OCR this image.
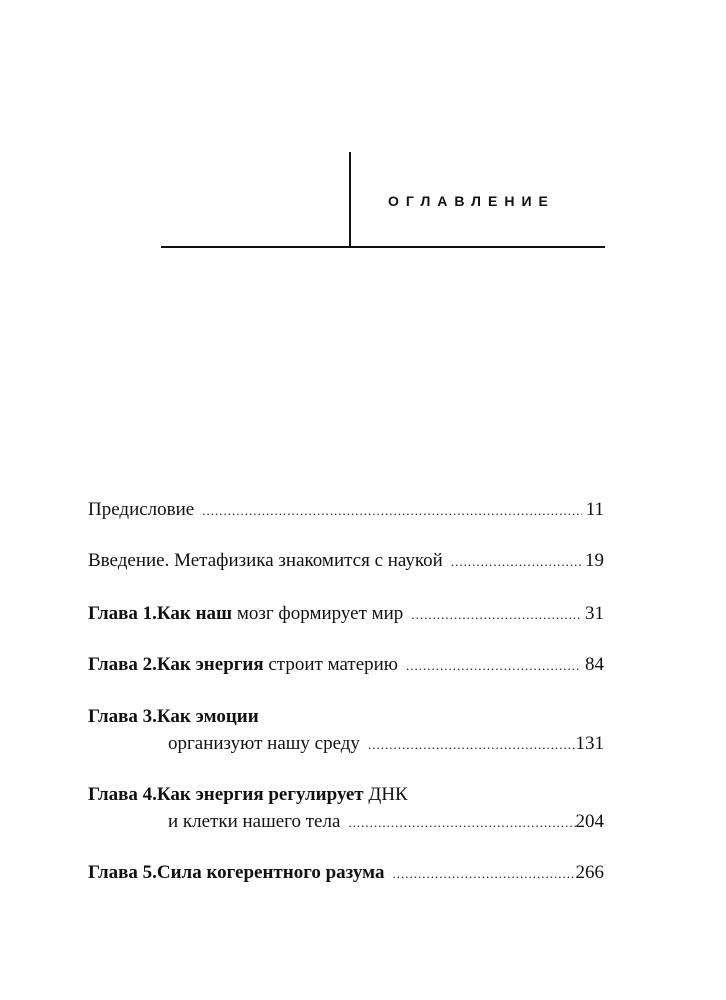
ОГЛАВЛЕНИЕ
Предисловие .....	11
Введение. Метафизика знакомится с наукой .....	19
Глава 1. Как наш мозг формирует мир .....	31
Глава 2. Как энергия строит материю .....	84
Глава 3.Как эмоции
организуют нашу среду .....	131
Глава 4.Как энергия регулирует ДНК
и клетки нашего тела .....	204
Глава 5. Сила когерентного разума .....	266
